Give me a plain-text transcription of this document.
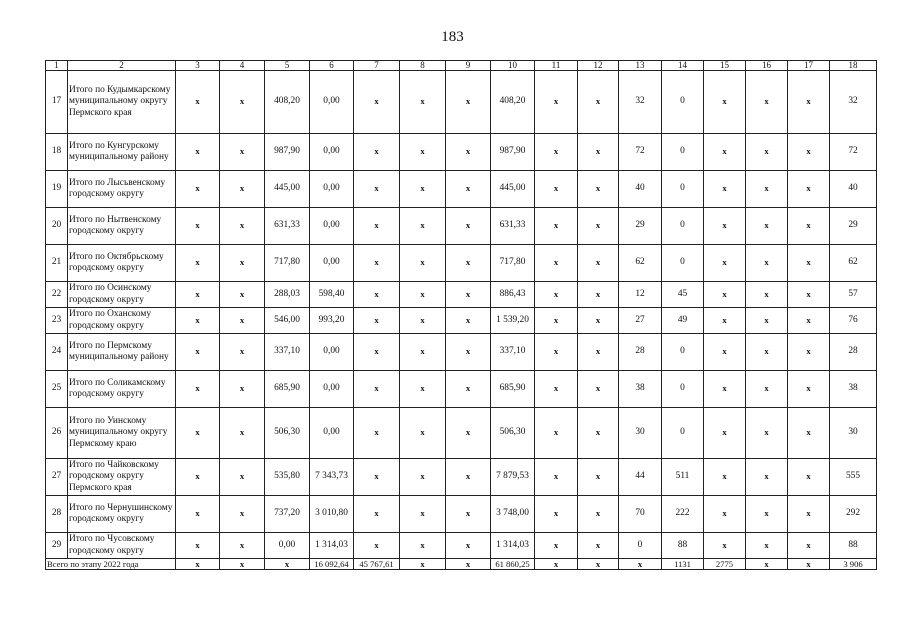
183
1	2	3	4	5	6	7	8	9	10	11	12	13	14	15	16	17	18
17	Итого по Кудымкарскому муниципальному округу Пермского края	x	x	408,20	0,00	x	x	x	408,20	x	x	32	0	x	x	x	32
18	Итого по Кунгурскому муниципальному району	x	x	987,90	0,00	x	x	x	987,90	x	x	72	0	x	x	x	72
19	Итого по Лысьвенскому городскому округу	x	x	445,00	0,00	x	x	x	445,00	x	x	40	0	x	x	x	40
20	Итого по Нытвенскому городскому округу	x	x	631,33	0,00	x	x	x	631,33	x	x	29	0	x	x	x	29
21	Итого по Октябрьскому городскому округу	x	x	717,80	0,00	x	x	x	717,80	x	x	62	0	x	x	x	62
22	Итого по Осинскому городскому округу	x	x	288,03	598,40	x	x	x	886,43	x	x	12	45	x	x	x	57
23	Итого по Оханскому городскому округу	x	x	546,00	993,20	x	x	x	1 539,20	x	x	27	49	x	x	x	76
24	Итого по Пермскому муниципальному району	x	x	337,10	0,00	x	x	x	337,10	x	x	28	0	x	x	x	28
25	Итого по Соликамскому городскому округу	x	x	685,90	0,00	x	x	x	685,90	x	x	38	0	x	x	x	38
26	Итого по Уинскому муниципальному округу Пермскому краю	x	x	506,30	0,00	x	x	x	506,30	x	x	30	0	x	x	x	30
27	Итого по Чайковскому городскому округу Пермского края	x	x	535,80	7 343,73	x	x	x	7 879,53	x	x	44	511	x	x	x	555
28	Итого по Чернушинскому городскому округу	x	x	737,20	3 010,80	x	x	x	3 748,00	x	x	70	222	x	x	x	292
29	Итого по Чусовскому городскому округу	x	x	0,00	1 314,03	x	x	x	1 314,03	x	x	0	88	x	x	x	88
Всего по этапу 2022 года		x	x	x	16 092,64	45 767,61	x	x	61 860,25	x	x	x	1131	2775	x	x	3 906
